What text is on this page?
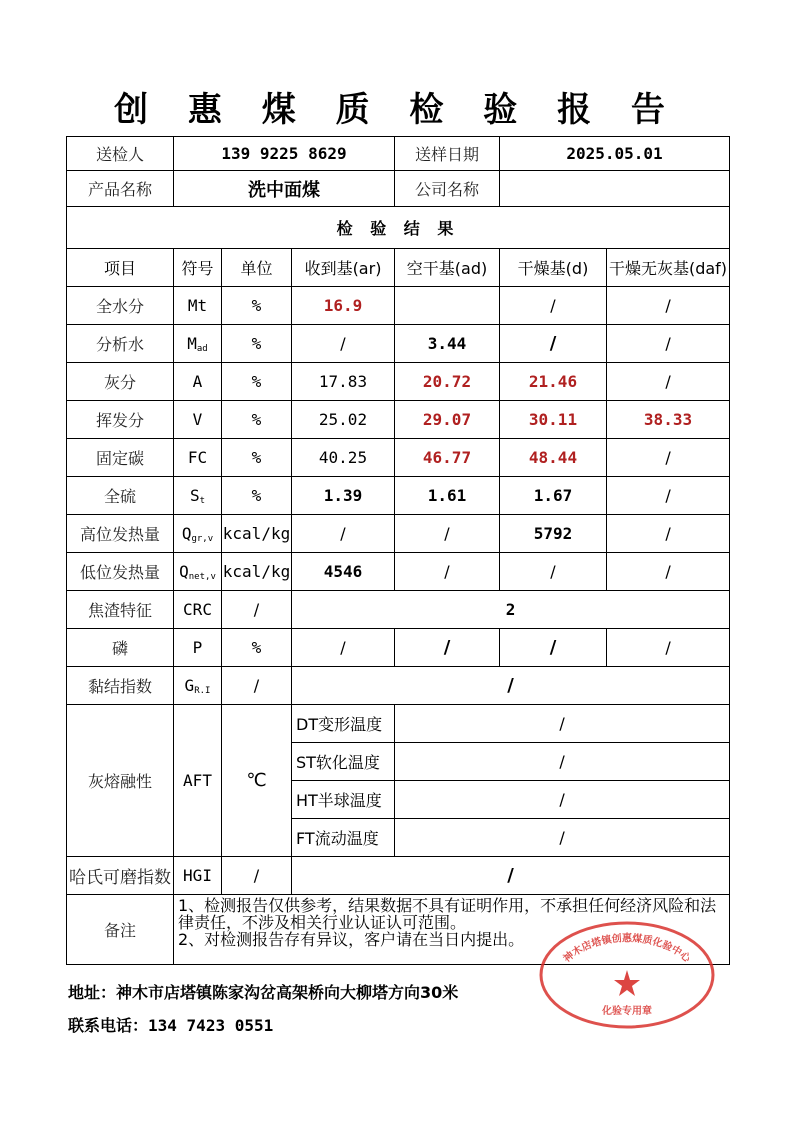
创 惠 煤 质 检 验 报 告
送检人	139 9225 8629			送样日期	2025.05.01	
产品名称	洗中面煤			公司名称		
检 验 结 果						
项目	符号	单位	收到基(ar)	空干基(ad)	干燥基(d)	干燥无灰基(daf)
全水分	Mt	%	16.9		/	/
分析水	$M_{ad}$	%	/	3.44	/	/
灰分	A	%	17.83	20.72	21.46	/
挥发分	V	%	25.02	29.07	30.11	38.33
固定碳	FC	%	40.25	46.77	48.44	/
全硫	$S_t$	%	1.39	1.61	1.67	/
高位发热量	$Q_{gr,v}$	kcal/kg	/	/	5792	/
低位发热量	$Q_{net,v}$	kcal/kg	4546	/	/	/
焦渣特征	CRC	/	2			
磷	P	%	/	/	/	/
黏结指数	$G_{R.I}$	/	/			
灰熔融性	AFT	℃	DT变形温度	/		
			ST软化温度	/		
			HT半球温度	/		
			FT流动温度	/		
哈氏可磨指数	HGI	/	/			
备注	1、检测报告仅供参考，结果数据不具有证明作用，不承担任何经济风险和法律责任，不涉及相关行业认证认可范围。
2、对检测报告存有异议，客户请在当日内提出。					
地址：神木市店塔镇陈家沟岔高架桥向大柳塔方向30米
联系电话：134 7423 0551
神木店塔镇创惠煤质化验中心
化验专用章
